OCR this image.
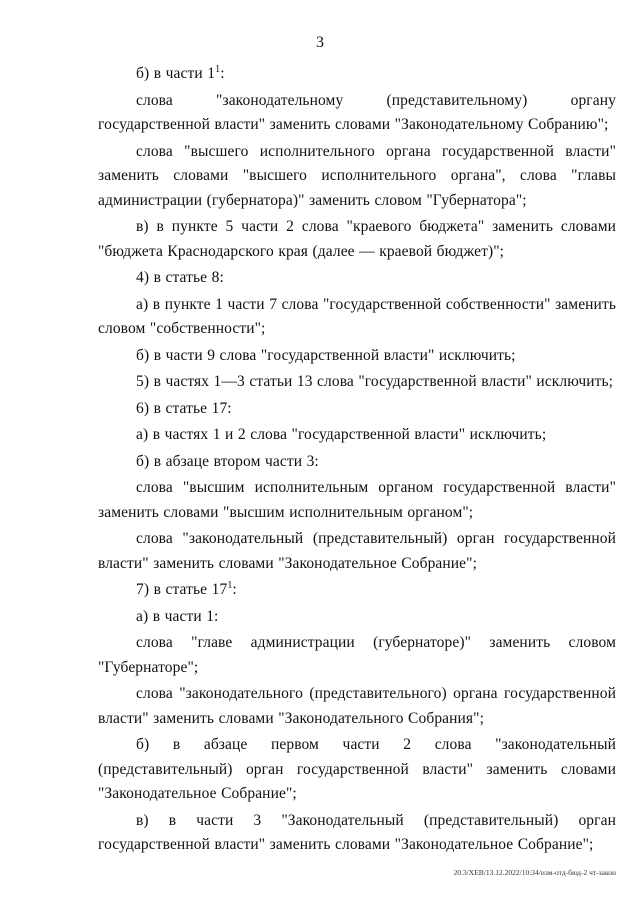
3

б) в части $1^1$:

слова "законодательному (представительному) органу государственной власти" заменить словами "Законодательному Собранию";

слова "высшего исполнительного органа государственной власти" заменить словами "высшего исполнительного органа", слова "главы администрации (губернатора)" заменить словом "Губернатора";

в) в пункте 5 части 2 слова "краевого бюджета" заменить словами "бюджета Краснодарского края (далее — краевой бюджет)";

4) в статье 8:

а) в пункте 1 части 7 слова "государственной собственности" заменить словом "собственности";

б) в части 9 слова "государственной власти" исключить;

5) в частях 1—3 статьи 13 слова "государственной власти" исключить;

6) в статье 17:

а) в частях 1 и 2 слова "государственной власти" исключить;

б) в абзаце втором части 3:

слова "высшим исполнительным органом государственной власти" заменить словами "высшим исполнительным органом";

слова "законодательный (представительный) орган государственной власти" заменить словами "Законодательное Собрание";

7) в статье $17^1$:

а) в части 1:

слова "главе администрации (губернаторе)" заменить словом "Губернаторе";

слова "законодательного (представительного) органа государственной власти" заменить словами "Законодательного Собрания";

б) в абзаце первом части 2 слова "законодательный (представительный) орган государственной власти" заменить словами "Законодательное Собрание";

в) в части 3 "Законодательный (представительный) орган государственной власти" заменить словами "Законодательное Собрание";

20.3/ХЕВ/13.12.2022/10:34/изм-отд-бюд-2 чт-закон
